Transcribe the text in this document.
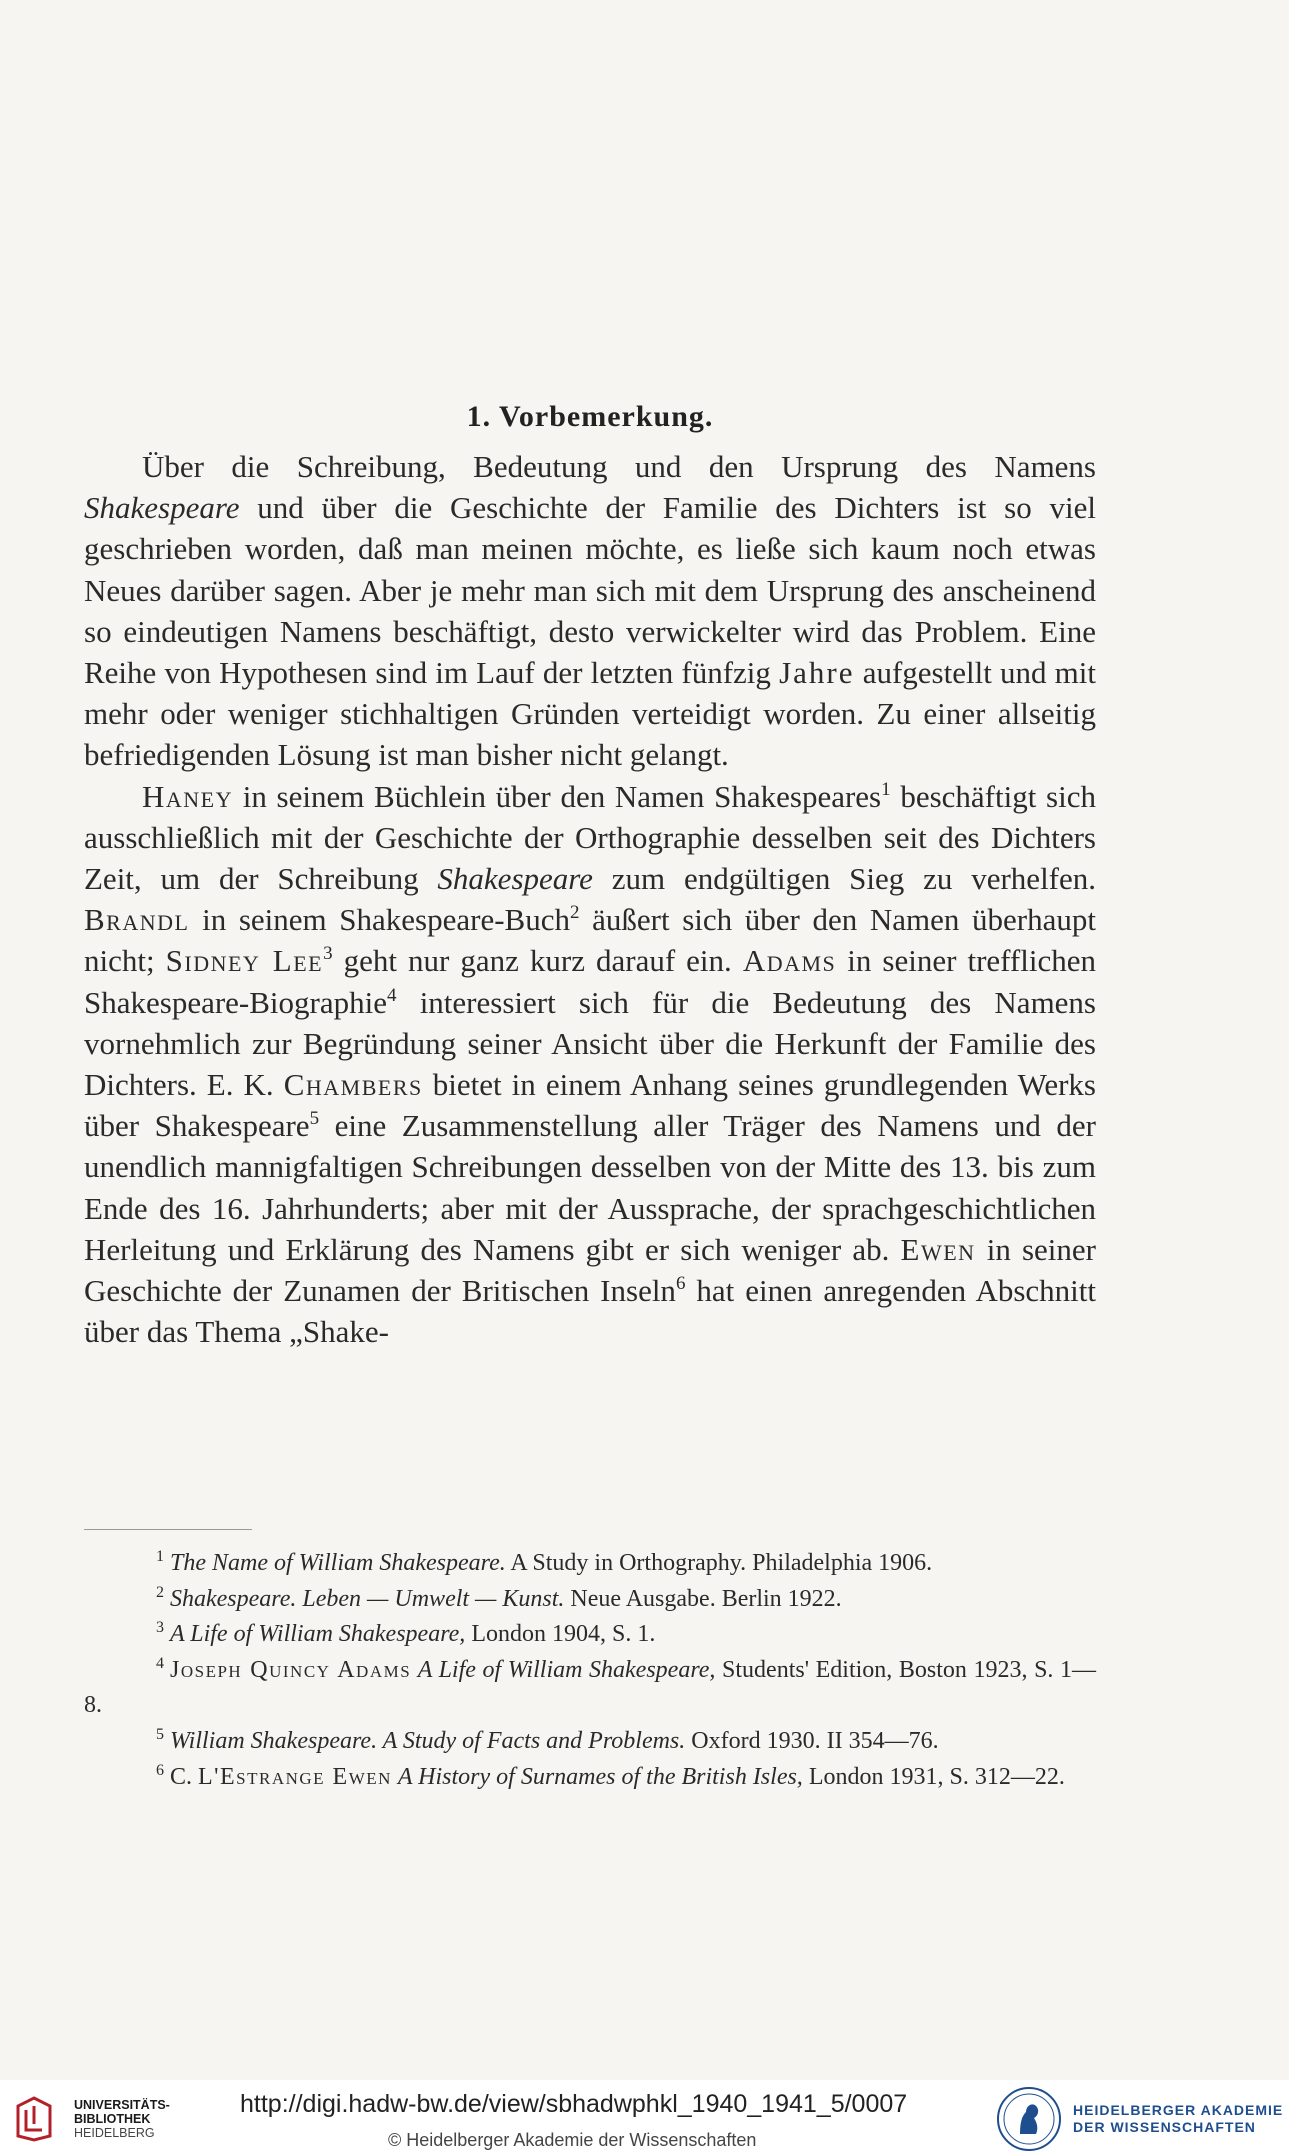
1. Vorbemerkung.

Über die Schreibung, Bedeutung und den Ursprung des Namens Shakespeare und über die Geschichte der Familie des Dichters ist so viel geschrieben worden, daß man meinen möchte, es ließe sich kaum noch etwas Neues darüber sagen. Aber je mehr man sich mit dem Ursprung des anscheinend so eindeutigen Namens beschäftigt, desto verwickelter wird das Problem. Eine Reihe von Hypothesen sind im Lauf der letzten fünfzig Jahre aufgestellt und mit mehr oder weniger stichhaltigen Gründen verteidigt worden. Zu einer allseitig befriedigenden Lösung ist man bisher nicht gelangt.

Haney in seinem Büchlein über den Namen Shakespeares$^1$ beschäftigt sich ausschließlich mit der Geschichte der Orthographie desselben seit des Dichters Zeit, um der Schreibung Shakespeare zum endgültigen Sieg zu verhelfen. Brandl in seinem Shakespeare-Buch$^2$ äußert sich über den Namen überhaupt nicht; Sidney Lee$^3$ geht nur ganz kurz darauf ein. Adams in seiner trefflichen Shakespeare-Biographie$^4$ interessiert sich für die Bedeutung des Namens vornehmlich zur Begründung seiner Ansicht über die Herkunft der Familie des Dichters. E. K. Chambers bietet in einem Anhang seines grundlegenden Werks über Shakespeare$^5$ eine Zusammenstellung aller Träger des Namens und der unendlich mannigfaltigen Schreibungen desselben von der Mitte des 13. bis zum Ende des 16. Jahrhunderts; aber mit der Aussprache, der sprachgeschichtlichen Herleitung und Erklärung des Namens gibt er sich weniger ab. Ewen in seiner Geschichte der Zunamen der Britischen Inseln$^6$ hat einen anregenden Abschnitt über das Thema „Shake-

$^1$ The Name of William Shakespeare. A Study in Orthography. Philadelphia 1906.

$^2$ Shakespeare. Leben — Umwelt — Kunst. Neue Ausgabe. Berlin 1922.

$^3$ A Life of William Shakespeare, London 1904, S. 1.

$^4$ Joseph Quincy Adams A Life of William Shakespeare, Students' Edition, Boston 1923, S. 1—8.

$^5$ William Shakespeare. A Study of Facts and Problems. Oxford 1930. II 354—76.

$^6$ C. L'Estrange Ewen A History of Surnames of the British Isles, London 1931, S. 312—22.

UNIVERSITÄTS-
BIBLIOTHEK
HEIDELBERG
http://digi.hadw-bw.de/view/sbhadwphkl_1940_1941_5/0007
© Heidelberger Akademie der Wissenschaften
HEIDELBERGER AKADEMIE
DER WISSENSCHAFTEN
